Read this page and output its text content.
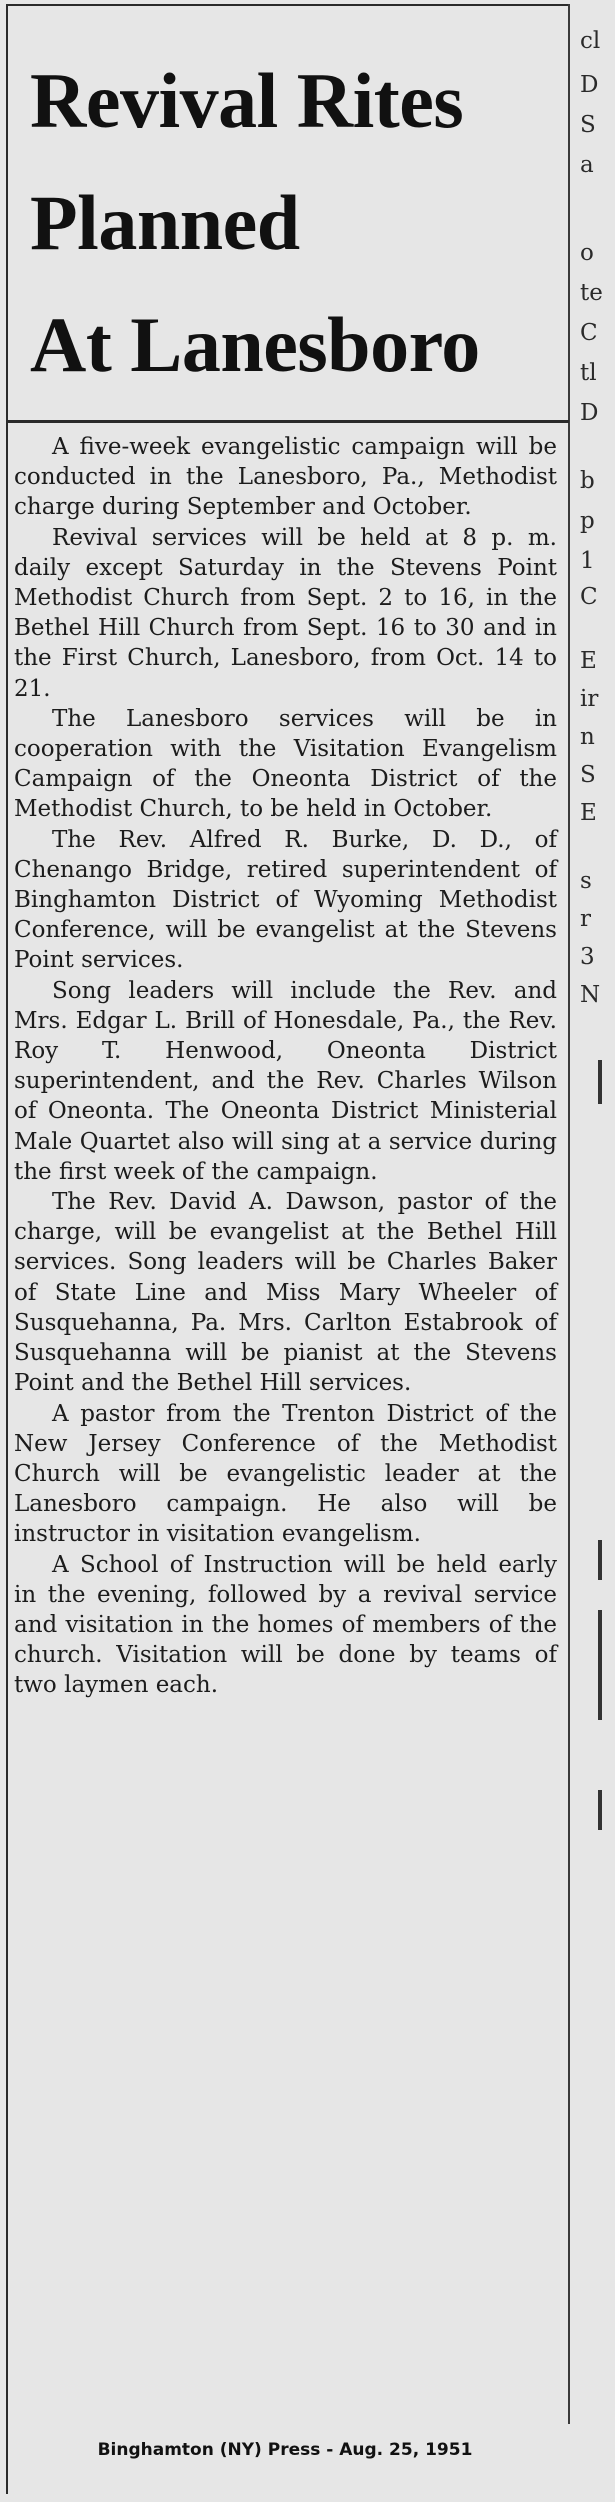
Revival Rites
Planned
At Lanesboro

A five-week evangelistic campaign will be conducted in the Lanesboro, Pa., Methodist charge during September and October.

Revival services will be held at 8 p. m. daily except Saturday in the Stevens Point Methodist Church from Sept. 2 to 16, in the Bethel Hill Church from Sept. 16 to 30 and in the First Church, Lanesboro, from Oct. 14 to 21.

The Lanesboro services will be in cooperation with the Visitation Evangelism Campaign of the Oneonta District of the Methodist Church, to be held in October.

The Rev. Alfred R. Burke, D. D., of Chenango Bridge, retired superintendent of Binghamton District of Wyoming Methodist Conference, will be evangelist at the Stevens Point services.

Song leaders will include the Rev. and Mrs. Edgar L. Brill of Honesdale, Pa., the Rev. Roy T. Henwood, Oneonta District superintendent, and the Rev. Charles Wilson of Oneonta. The Oneonta District Ministerial Male Quartet also will sing at a service during the first week of the campaign.

The Rev. David A. Dawson, pastor of the charge, will be evangelist at the Bethel Hill services. Song leaders will be Charles Baker of State Line and Miss Mary Wheeler of Susquehanna, Pa. Mrs. Carlton Estabrook of Susquehanna will be pianist at the Stevens Point and the Bethel Hill services.

A pastor from the Trenton District of the New Jersey Conference of the Methodist Church will be evangelistic leader at the Lanesboro campaign. He also will be instructor in visitation evangelism.

A School of Instruction will be held early in the evening, followed by a revival service and visitation in the homes of members of the church. Visitation will be done by teams of two laymen each.

Binghamton (NY) Press - Aug. 25, 1951
cl
D
S
a
o
te
C
tl
D
b
p
1
C
E
ir
n
S
E
s
r
3
N
